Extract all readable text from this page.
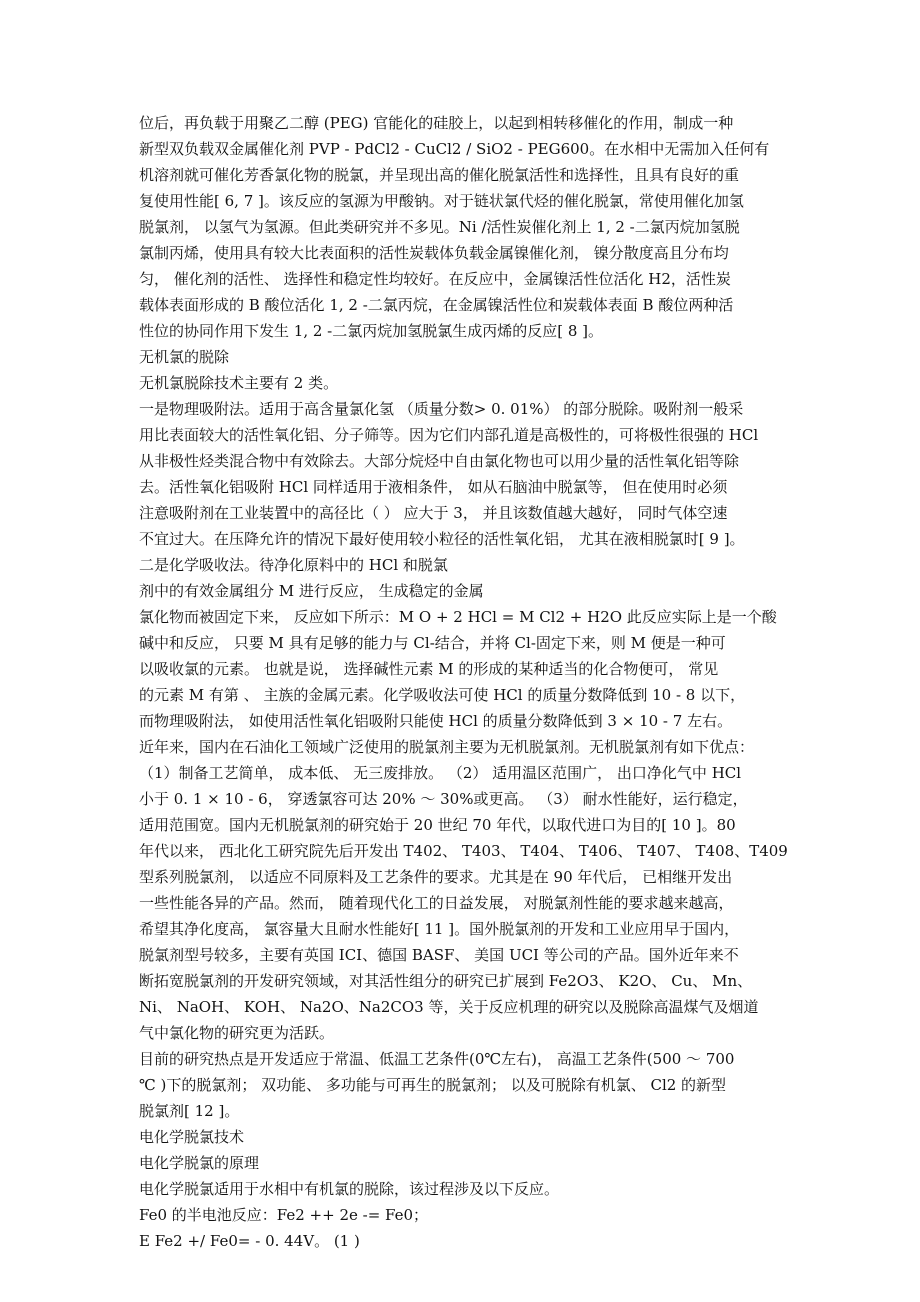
位后，再负载于用聚乙二醇 (PEG) 官能化的硅胶上，以起到相转移催化的作用，制成一种
新型双负载双金属催化剂 PVP - PdCl2 - CuCl2 / SiO2 - PEG600。在水相中无需加入任何有
机溶剂就可催化芳香氯化物的脱氯，并呈现出高的催化脱氯活性和选择性，且具有良好的重
复使用性能[ 6, 7 ]。该反应的氢源为甲酸钠。对于链状氯代烃的催化脱氯，常使用催化加氢
脱氯剂， 以氢气为氢源。但此类研究并不多见。Ni /活性炭催化剂上 1, 2 -二氯丙烷加氢脱
氯制丙烯，使用具有较大比表面积的活性炭载体负载金属镍催化剂， 镍分散度高且分布均
匀， 催化剂的活性、 选择性和稳定性均较好。在反应中，金属镍活性位活化 H2，活性炭
载体表面形成的 B 酸位活化 1, 2 -二氯丙烷，在金属镍活性位和炭载体表面 B 酸位两种活
性位的协同作用下发生 1, 2 -二氯丙烷加氢脱氯生成丙烯的反应[ 8 ]。
无机氯的脱除
无机氯脱除技术主要有 2 类。
一是物理吸附法。适用于高含量氯化氢 （质量分数> 0. 01%） 的部分脱除。吸附剂一般采
用比表面较大的活性氧化铝、分子筛等。因为它们内部孔道是高极性的，可将极性很强的 HCl
从非极性烃类混合物中有效除去。大部分烷烃中自由氯化物也可以用少量的活性氧化铝等除
去。活性氧化铝吸附 HCl 同样适用于液相条件， 如从石脑油中脱氯等， 但在使用时必须
注意吸附剂在工业装置中的高径比（ ） 应大于 3， 并且该数值越大越好， 同时气体空速
不宜过大。在压降允许的情况下最好使用较小粒径的活性氧化铝， 尤其在液相脱氯时[ 9 ]。
二是化学吸收法。待净化原料中的 HCl 和脱氯
剂中的有效金属组分 M 进行反应， 生成稳定的金属
氯化物而被固定下来， 反应如下所示：M O + 2 HCl = M Cl2 + H2O 此反应实际上是一个酸
碱中和反应， 只要 M 具有足够的能力与 Cl-结合，并将 Cl-固定下来，则 M 便是一种可
以吸收氯的元素。 也就是说， 选择碱性元素 M 的形成的某种适当的化合物便可， 常见
的元素 M 有第 、 主族的金属元素。化学吸收法可使 HCl 的质量分数降低到 10 - 8 以下，
而物理吸附法， 如使用活性氧化铝吸附只能使 HCl 的质量分数降低到 3 × 10 - 7 左右。
近年来，国内在石油化工领域广泛使用的脱氯剂主要为无机脱氯剂。无机脱氯剂有如下优点：
（1）制备工艺简单， 成本低、 无三废排放。 （2） 适用温区范围广， 出口净化气中 HCl
小于 0. 1 × 10 - 6， 穿透氯容可达 20% ～ 30%或更高。 （3） 耐水性能好，运行稳定，
适用范围宽。国内无机脱氯剂的研究始于 20 世纪 70 年代，以取代进口为目的[ 10 ]。80
年代以来， 西北化工研究院先后开发出 T402、 T403、 T404、 T406、 T407、 T408、T409
型系列脱氯剂， 以适应不同原料及工艺条件的要求。尤其是在 90 年代后， 已相继开发出
一些性能各异的产品。然而， 随着现代化工的日益发展， 对脱氯剂性能的要求越来越高，
希望其净化度高， 氯容量大且耐水性能好[ 11 ]。国外脱氯剂的开发和工业应用早于国内，
脱氯剂型号较多，主要有英国 ICI、德国 BASF、 美国 UCI 等公司的产品。国外近年来不
断拓宽脱氯剂的开发研究领域，对其活性组分的研究已扩展到 Fe2O3、 K2O、 Cu、 Mn、
Ni、 NaOH、 KOH、 Na2O、Na2CO3 等，关于反应机理的研究以及脱除高温煤气及烟道
气中氯化物的研究更为活跃。
目前的研究热点是开发适应于常温、低温工艺条件(0℃左右)， 高温工艺条件(500 ～ 700
℃ )下的脱氯剂； 双功能、 多功能与可再生的脱氯剂； 以及可脱除有机氯、 Cl2 的新型
脱氯剂[ 12 ]。
电化学脱氯技术
电化学脱氯的原理
电化学脱氯适用于水相中有机氯的脱除，该过程涉及以下反应。
Fe0 的半电池反应：Fe2 ++ 2e -= Fe0；
E Fe2 +/ Fe0= - 0. 44V。 (1 )
